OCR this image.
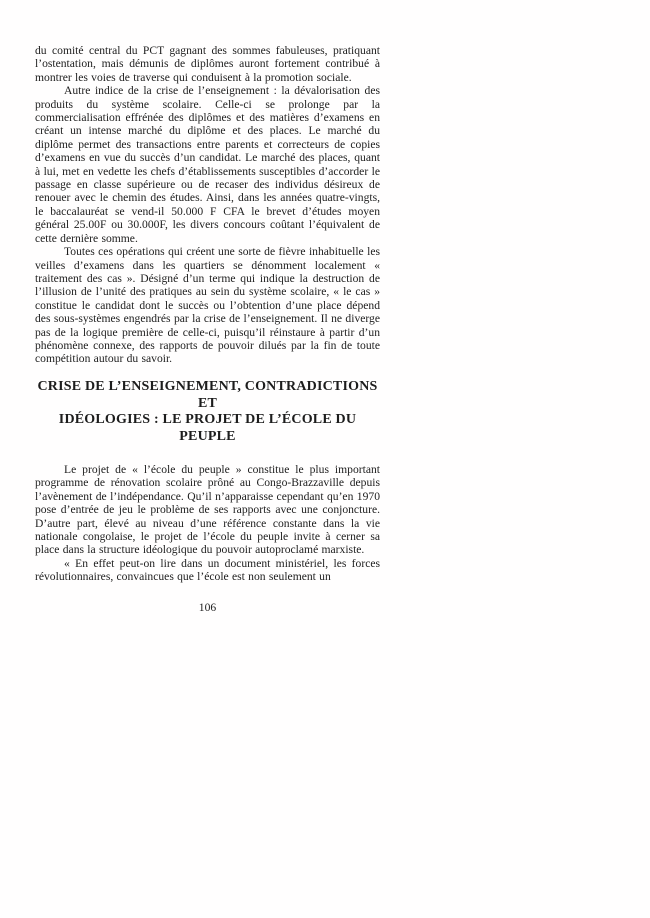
du comité central du PCT gagnant des sommes fabuleuses, pratiquant l’ostentation, mais démunis de diplômes auront fortement contribué à montrer les voies de traverse qui conduisent à la promotion sociale.

Autre indice de la crise de l’enseignement : la dévalorisation des produits du système scolaire. Celle-ci se prolonge par la commercialisation effrénée des diplômes et des matières d’examens en créant un intense marché du diplôme et des places. Le marché du diplôme permet des transactions entre parents et correcteurs de copies d’examens en vue du succès d’un candidat. Le marché des places, quant à lui, met en vedette les chefs d’établissements susceptibles d’accorder le passage en classe supérieure ou de recaser des individus désireux de renouer avec le chemin des études. Ainsi, dans les années quatre-vingts, le baccalauréat se vend-il 50.000 F CFA le brevet d’études moyen général 25.00F ou 30.000F, les divers concours coûtant l’équivalent de cette dernière somme.

Toutes ces opérations qui créent une sorte de fièvre inhabituelle les veilles d’examens dans les quartiers se dénomment localement « traitement des cas ». Désigné d’un terme qui indique la destruction de l’illusion de l’unité des pratiques au sein du système scolaire, « le cas » constitue le candidat dont le succès ou l’obtention d’une place dépend des sous-systèmes engendrés par la crise de l’enseignement. Il ne diverge pas de la logique première de celle-ci, puisqu’il réinstaure à partir d’un phénomène connexe, des rapports de pouvoir dilués par la fin de toute compétition autour du savoir.

CRISE DE L’ENSEIGNEMENT, CONTRADICTIONS ET
IDÉOLOGIES : LE PROJET DE L’ÉCOLE DU PEUPLE

Le projet de « l’école du peuple » constitue le plus important programme de rénovation scolaire prôné au Congo-Brazzaville depuis l’avènement de l’indépendance. Qu’il n’apparaisse cependant qu’en 1970 pose d’entrée de jeu le problème de ses rapports avec une conjoncture. D’autre part, élevé au niveau d’une référence constante dans la vie nationale congolaise, le projet de l’école du peuple invite à cerner sa place dans la structure idéologique du pouvoir autoproclamé marxiste.

« En effet peut-on lire dans un document ministériel, les forces révolutionnaires, convaincues que l’école est non seulement un

106
